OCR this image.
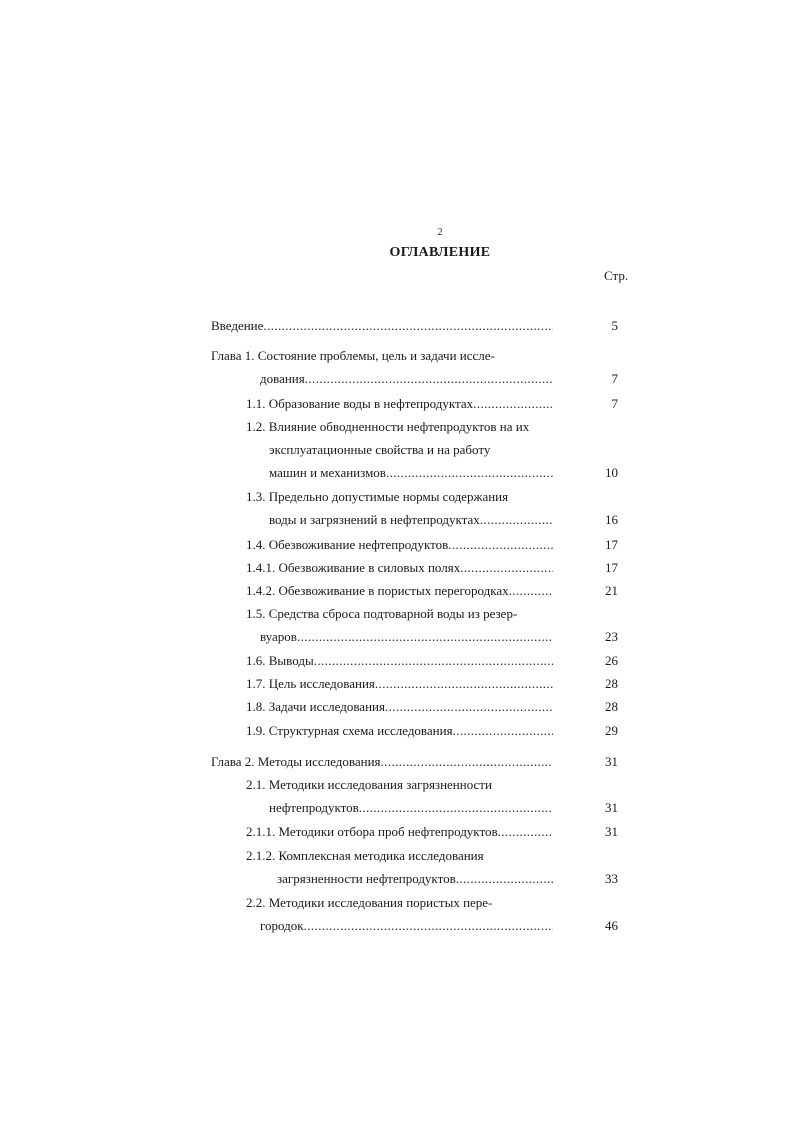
2
ОГЛАВЛЕНИЕ
Стр.
5
Введение
.....
Глава 1. Состояние проблемы, цель и задачи иссле-
7
дования
.....
7
1.1. Образование воды в нефтепродуктах
.....
1.2. Влияние обводненности нефтепродуктов на их
эксплуатационные свойства и на работу
10
машин и механизмов
.....
1.3. Предельно допустимые нормы содержания
16
воды и загрязнений в нефтепродуктах
.....
17
1.4. Обезвоживание нефтепродуктов
.....
17
1.4.1. Обезвоживание в силовых полях
.....
21
1.4.2. Обезвоживание в пористых перегородках
.....
1.5. Средства сброса подтоварной воды из резер-
23
вуаров
.....
26
1.6. Выводы
.....
28
1.7. Цель исследования
.....
28
1.8. Задачи исследования
.....
29
1.9. Структурная схема исследования
.....
31
Глава 2. Методы исследования
.....
2.1. Методики исследования загрязненности
31
нефтепродуктов
.....
31
2.1.1. Методики отбора проб нефтепродуктов
.....
2.1.2. Комплексная методика исследования
33
загрязненности нефтепродуктов
.....
2.2. Методики исследования пористых пере-
46
городок
.....
